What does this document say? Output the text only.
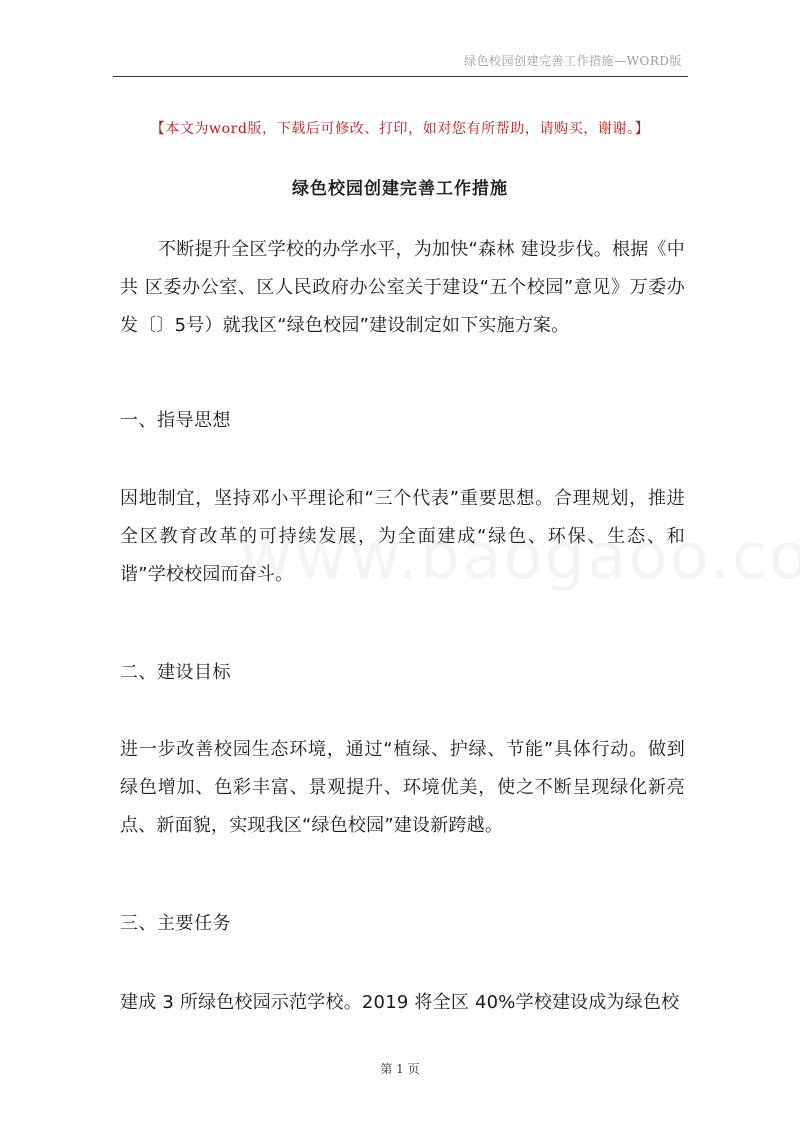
绿色校园创建完善工作措施—WORD版
【本文为word版，下载后可修改、打印，如对您有所帮助，请购买，谢谢。】
绿色校园创建完善工作措施
不断提升全区学校的办学水平，为加快“森林 建设步伐。根据《中共 区委办公室、区人民政府办公室关于建设“五个校园”意见》万委办发〔〕5号）就我区“绿色校园”建设制定如下实施方案。
一、指导思想
因地制宜，坚持邓小平理论和“三个代表”重要思想。合理规划，推进全区教育改革的可持续发展，为全面建成“绿色、环保、生态、和谐”学校校园而奋斗。
二、建设目标
进一步改善校园生态环境，通过“植绿、护绿、节能”具体行动。做到绿色增加、色彩丰富、景观提升、环境优美，使之不断呈现绿化新亮点、新面貌，实现我区“绿色校园”建设新跨越。
三、主要任务
建成 3 所绿色校园示范学校。2019 将全区 40%学校建设成为绿色校
第 1 页
